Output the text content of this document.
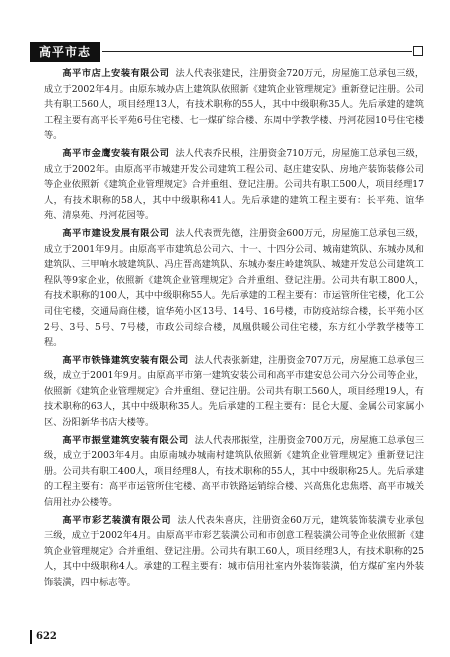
高平市志

高平市店上安装有限公司 法人代表张建民，注册资金720万元，房屋施工总承包三级，成立于2002年4月。由原东城办店上建筑队依照新《建筑企业管理规定》重新登记注册。公司共有职工560人，项目经理13人，有技术职称的55人，其中中级职称35人。先后承建的建筑工程主要有高平长平苑6号住宅楼、七一煤矿综合楼、东周中学教学楼、丹河花园10号住宅楼等。

高平市金鹰安装有限公司 法人代表乔民根，注册资金710万元，房屋施工总承包三级，成立于2002年。由原高平市城建开发公司建筑工程公司、赵庄建安队、房地产装饰装修公司等企业依照新《建筑企业管理规定》合并重组、登记注册。公司共有职工500人，项目经理17人，有技术职称的58人，其中中级职称41人。先后承建的建筑工程主要有：长平苑、谊华苑、清泉苑、丹河花园等。

高平市建设发展有限公司 法人代表贾先德，注册资金600万元，房屋施工总承包三级，成立于2001年9月。由原高平市建筑总公司六、十一、十四分公司、城南建筑队、东城办凤和建筑队、三甲响水坡建筑队、冯庄晋高建筑队、东城办秦庄岭建筑队、城建开发总公司建筑工程队等9家企业，依照新《建筑企业管理规定》合并重组、登记注册。公司共有职工800人，有技术职称的100人，其中中级职称55人。先后承建的工程主要有：市运管所住宅楼，化工公司住宅楼，交通局商住楼，谊华苑小区13号、14号、16号楼，市防疫站综合楼，长平苑小区2号、3号、5号、7号楼，市政公司综合楼，凤凰供暖公司住宅楼，东方红小学教学楼等工程。

高平市铁锋建筑安装有限公司 法人代表张新建，注册资金707万元，房屋施工总承包三级，成立于2001年9月。由原高平市第一建筑安装公司和高平市建安总公司六分公司等企业，依照新《建筑企业管理规定》合并重组、登记注册。公司共有职工560人，项目经理19人，有技术职称的63人，其中中级职称35人。先后承建的工程主要有：昆仑大厦、金属公司家属小区、汾阳新华书店大楼等。

高平市振堂建筑安装有限公司 法人代表邢振堂，注册资金700万元，房屋施工总承包三级，成立于2003年4月。由原南城办城南村建筑队依照新《建筑企业管理规定》重新登记注册。公司共有职工400人，项目经理8人，有技术职称的55人，其中中级职称25人。先后承建的工程主要有：高平市运管所住宅楼、高平市铁路运销综合楼、兴高焦化忠焦塔、高平市城关信用社办公楼等。

高平市彩艺装潢有限公司 法人代表朱喜庆，注册资金60万元，建筑装饰装潢专业承包三级，成立于2002年4月。由原高平市彩艺装潢公司和市创意工程装潢公司等企业依照新《建筑企业管理规定》合并重组、登记注册。公司共有职工60人，项目经理3人，有技术职称的25人，其中中级职称4人。承建的工程主要有：城市信用社室内外装饰装潢，伯方煤矿室内外装饰装潢，四中标志等。

622
